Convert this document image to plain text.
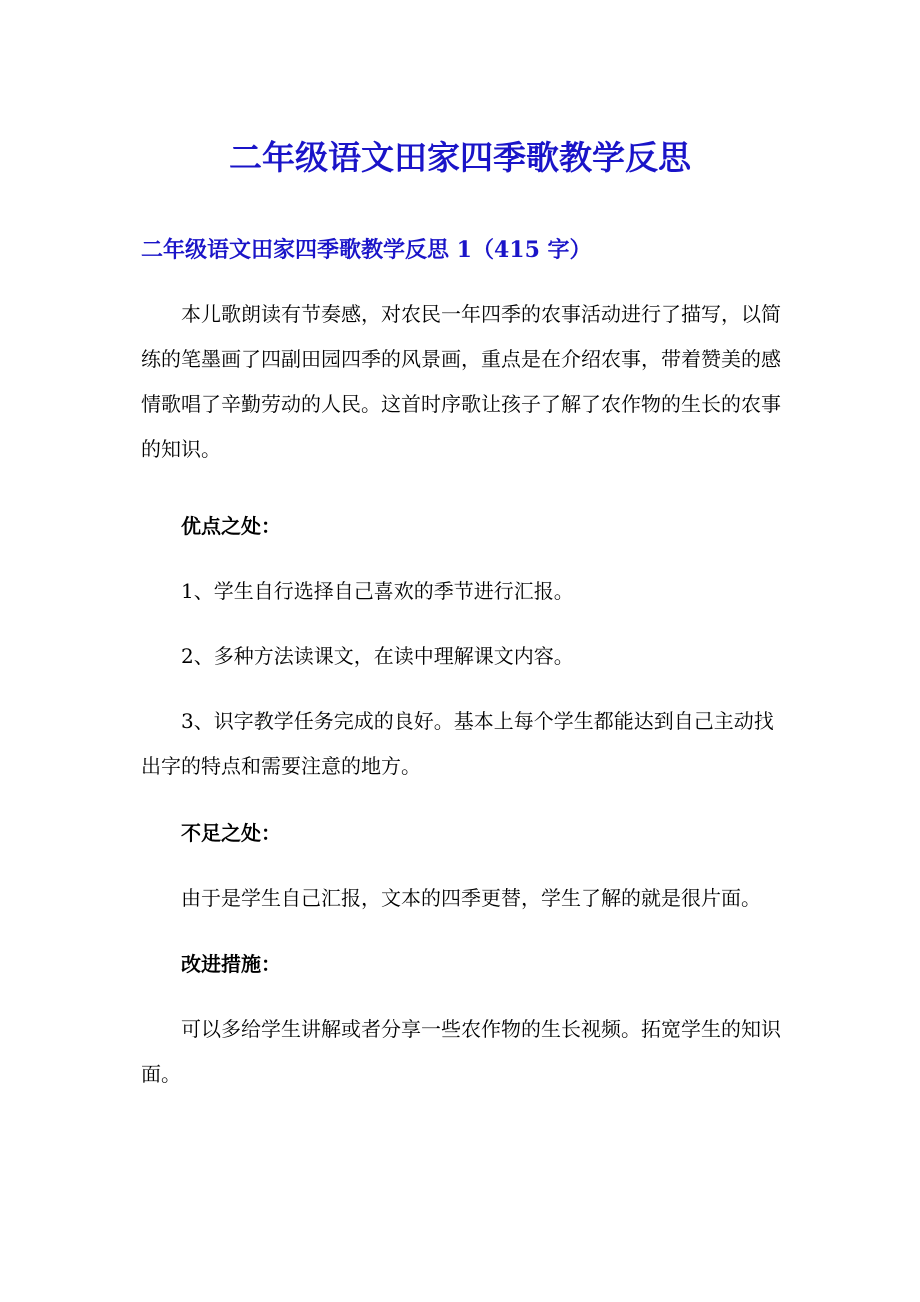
二年级语文田家四季歌教学反思
二年级语文田家四季歌教学反思 1（415 字）

本儿歌朗读有节奏感，对农民一年四季的农事活动进行了描写，以简练的笔墨画了四副田园四季的风景画，重点是在介绍农事，带着赞美的感情歌唱了辛勤劳动的人民。这首时序歌让孩子了解了农作物的生长的农事的知识。

优点之处：

1、学生自行选择自己喜欢的季节进行汇报。

2、多种方法读课文，在读中理解课文内容。

3、识字教学任务完成的良好。基本上每个学生都能达到自己主动找出字的特点和需要注意的地方。

不足之处：

由于是学生自己汇报，文本的四季更替，学生了解的就是很片面。

改进措施：

可以多给学生讲解或者分享一些农作物的生长视频。拓宽学生的知识面。
